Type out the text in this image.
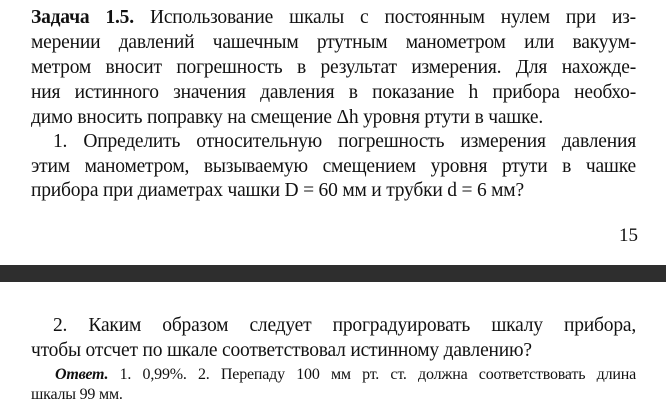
Задача 1.5. Использование шкалы с постоянным нулем при из-
мерении давлений чашечным ртутным манометром или вакуум-
метром вносит погрешность в результат измерения. Для нахожде-
ния истинного значения давления в показание h прибора необхо-
димо вносить поправку на смещение Δh уровня ртути в чашке.
1. Определить относительную погрешность измерения давления
этим манометром, вызываемую смещением уровня ртути в чашке
прибора при диаметрах чашки D = 60 мм и трубки d = 6 мм?
15
2. Каким образом следует проградуировать шкалу прибора,
чтобы отсчет по шкале соответствовал истинному давлению?
Ответ. 1. 0,99%. 2. Перепаду 100 мм рт. ст. должна соответствовать длина
шкалы 99 мм.
